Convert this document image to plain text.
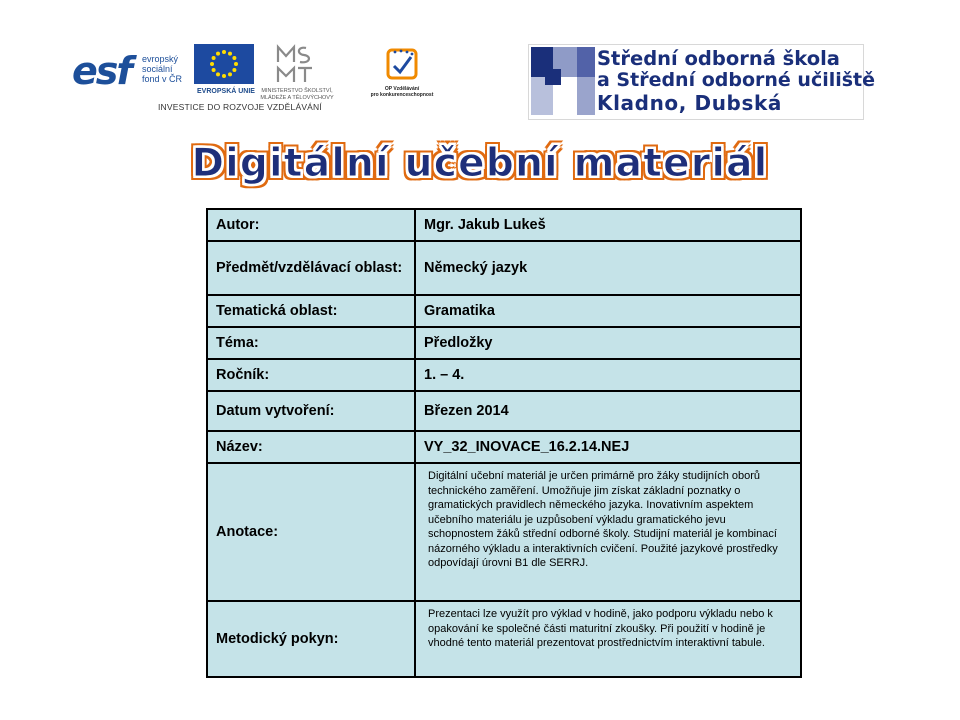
esf evropský
sociální
fond v ČR
EVROPSKÁ UNIE	MINISTERSTVO ŠKOLSTVÍ,
MLÁDEŽE A TĚLOVÝCHOVY
OP Vzdělávání
pro konkurenceschopnost
INVESTICE DO ROZVOJE VZDĚLÁVÁNÍ
Střední odborná škola
a Střední odborné učiliště
Kladno, Dubská
Digitální učební materiál
Autor:	Mgr. Jakub Lukeš
Předmět/vzdělávací oblast:	Německý jazyk
Tematická oblast:	Gramatika
Téma:	Předložky
Ročník:	1. – 4.
Datum vytvoření:	Březen 2014
Název:	VY_32_INOVACE_16.2.14.NEJ
Anotace:	Digitální učební materiál je určen primárně pro žáky studijních oborů technického zaměření. Umožňuje jim získat základní poznatky o gramatických pravidlech německého jazyka. Inovativním aspektem učebního materiálu je uzpůsobení výkladu gramatického jevu schopnostem žáků střední odborné školy. Studijní materiál je kombinací názorného výkladu a interaktivních cvičení. Použité jazykové prostředky odpovídají úrovni B1 dle SERRJ.
Metodický pokyn:	Prezentaci lze využít pro výklad v hodině, jako podporu výkladu nebo k opakování ke společné části maturitní zkoušky. Při použití v hodině je vhodné tento materiál prezentovat prostřednictvím interaktivní tabule.
